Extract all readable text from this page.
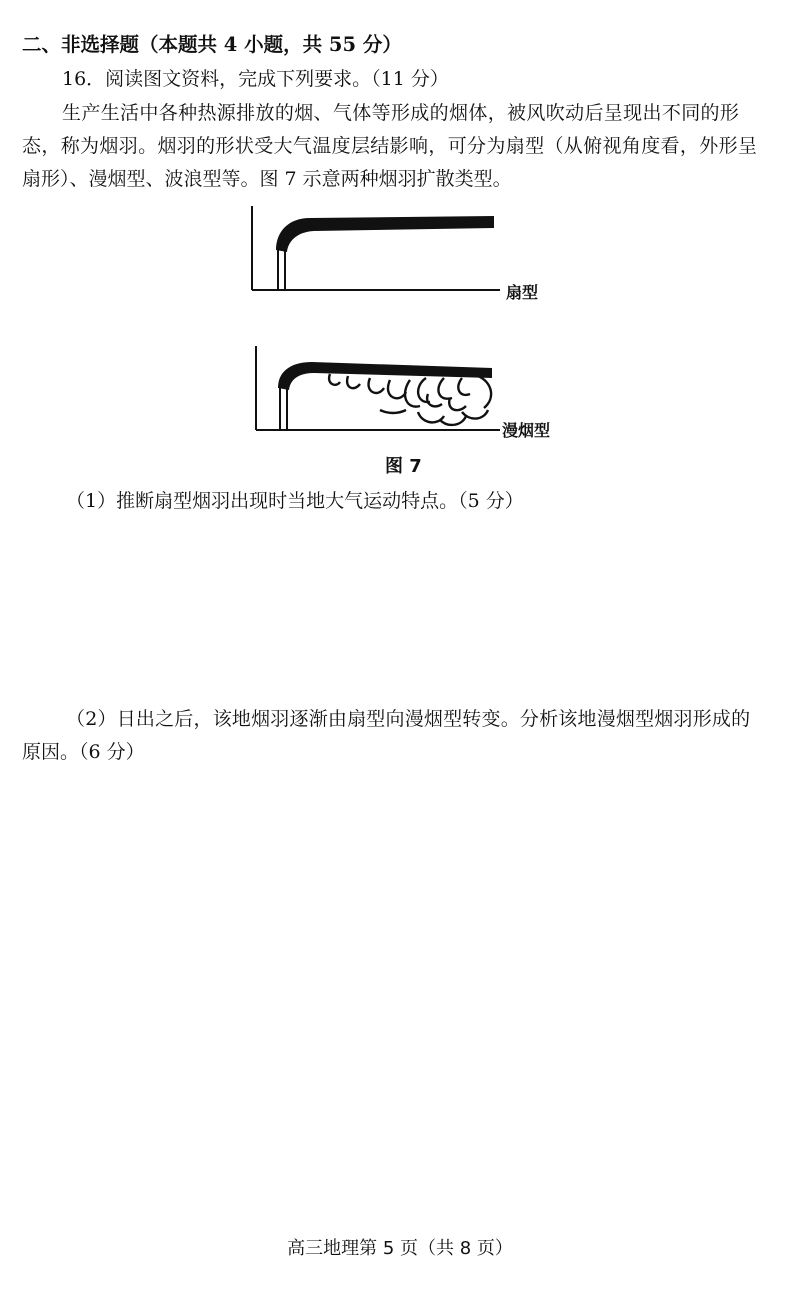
二、非选择题（本题共 4 小题，共 55 分）
16．阅读图文资料，完成下列要求。（11 分）
生产生活中各种热源排放的烟、气体等形成的烟体，被风吹动后呈现出不同的形
态，称为烟羽。烟羽的形状受大气温度层结影响，可分为扇型（从俯视角度看，外形呈
扇形）、漫烟型、波浪型等。图 7 示意两种烟羽扩散类型。
扇型
漫烟型
图 7
（1）推断扇型烟羽出现时当地大气运动特点。（5 分）
（2）日出之后，该地烟羽逐渐由扇型向漫烟型转变。分析该地漫烟型烟羽形成的
原因。（6 分）
高三地理第 5 页（共 8 页）
